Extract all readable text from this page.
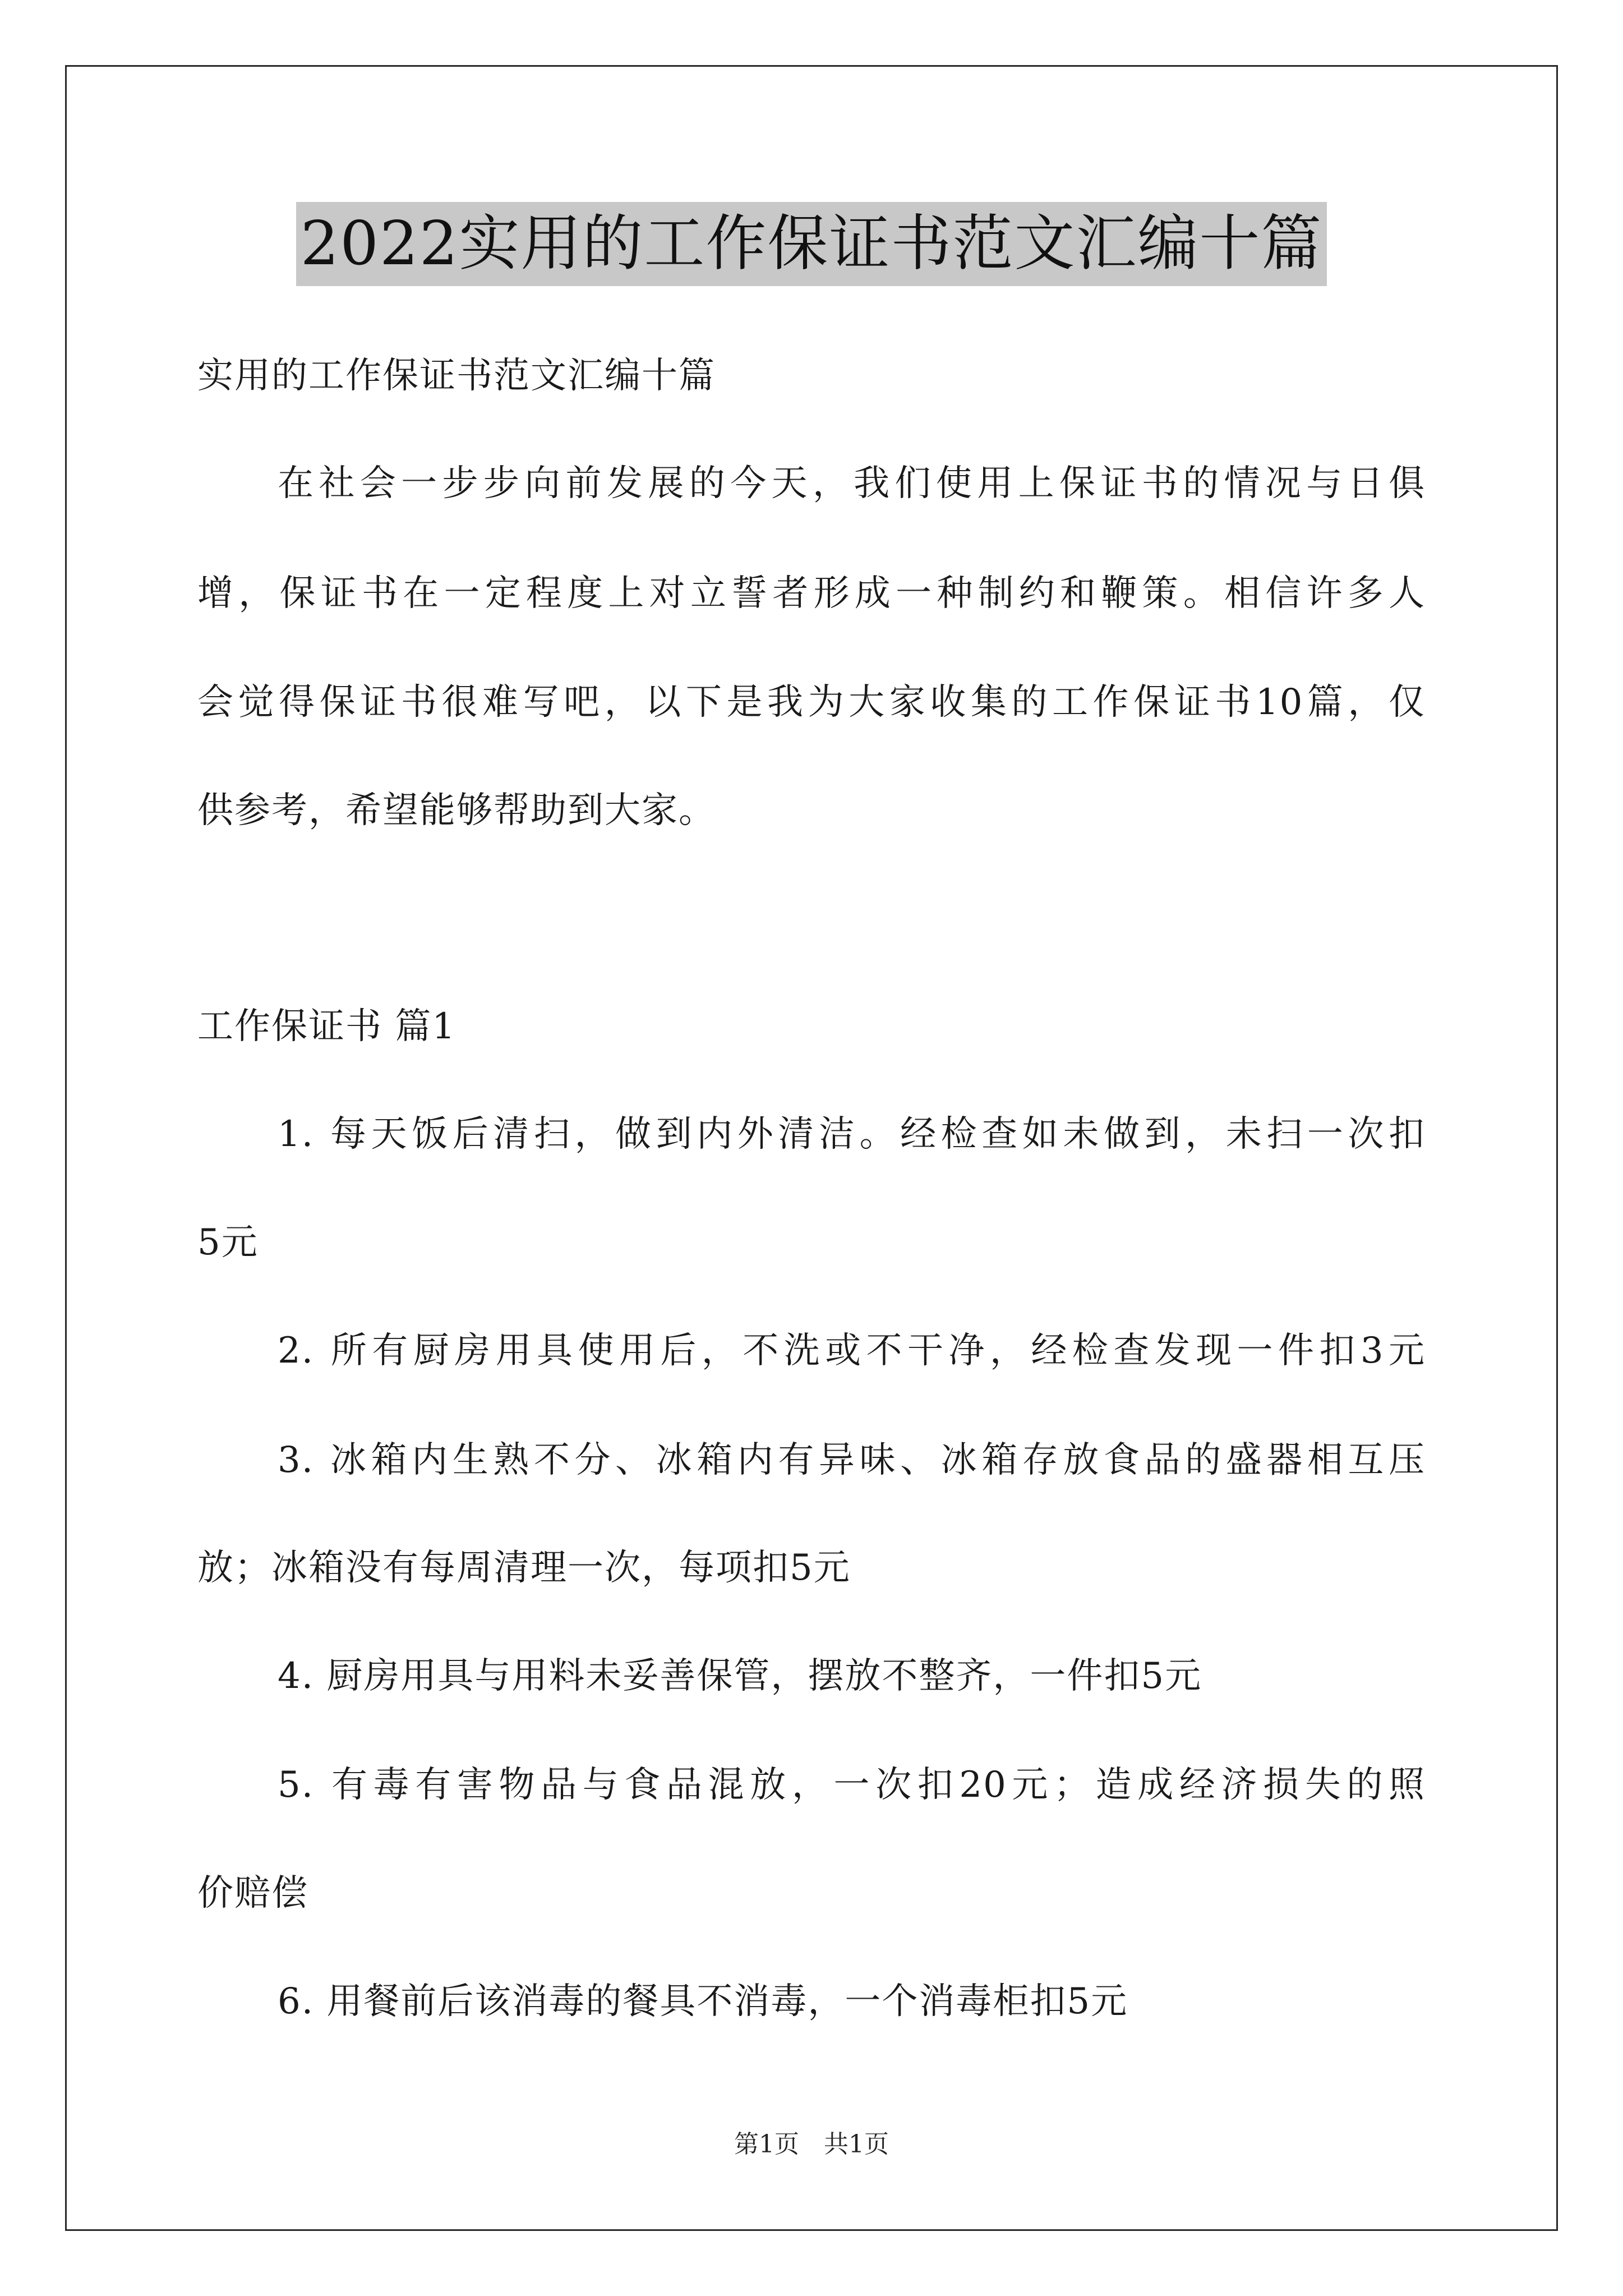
2022实用的工作保证书范文汇编十篇
实用的工作保证书范文汇编十篇
在社会一步步向前发展的今天，我们使用上保证书的情况与日俱
增，保证书在一定程度上对立誓者形成一种制约和鞭策。相信许多人
会觉得保证书很难写吧，以下是我为大家收集的工作保证书10篇，仅
供参考，希望能够帮助到大家。
工作保证书 篇1
1. 每天饭后清扫，做到内外清洁。经检查如未做到，未扫一次扣
5元
2. 所有厨房用具使用后，不洗或不干净，经检查发现一件扣3元
3. 冰箱内生熟不分、冰箱内有异味、冰箱存放食品的盛器相互压
放；冰箱没有每周清理一次，每项扣5元
4. 厨房用具与用料未妥善保管，摆放不整齐，一件扣5元
5. 有毒有害物品与食品混放，一次扣20元；造成经济损失的照
价赔偿
6. 用餐前后该消毒的餐具不消毒，一个消毒柜扣5元
第1页　共1页
